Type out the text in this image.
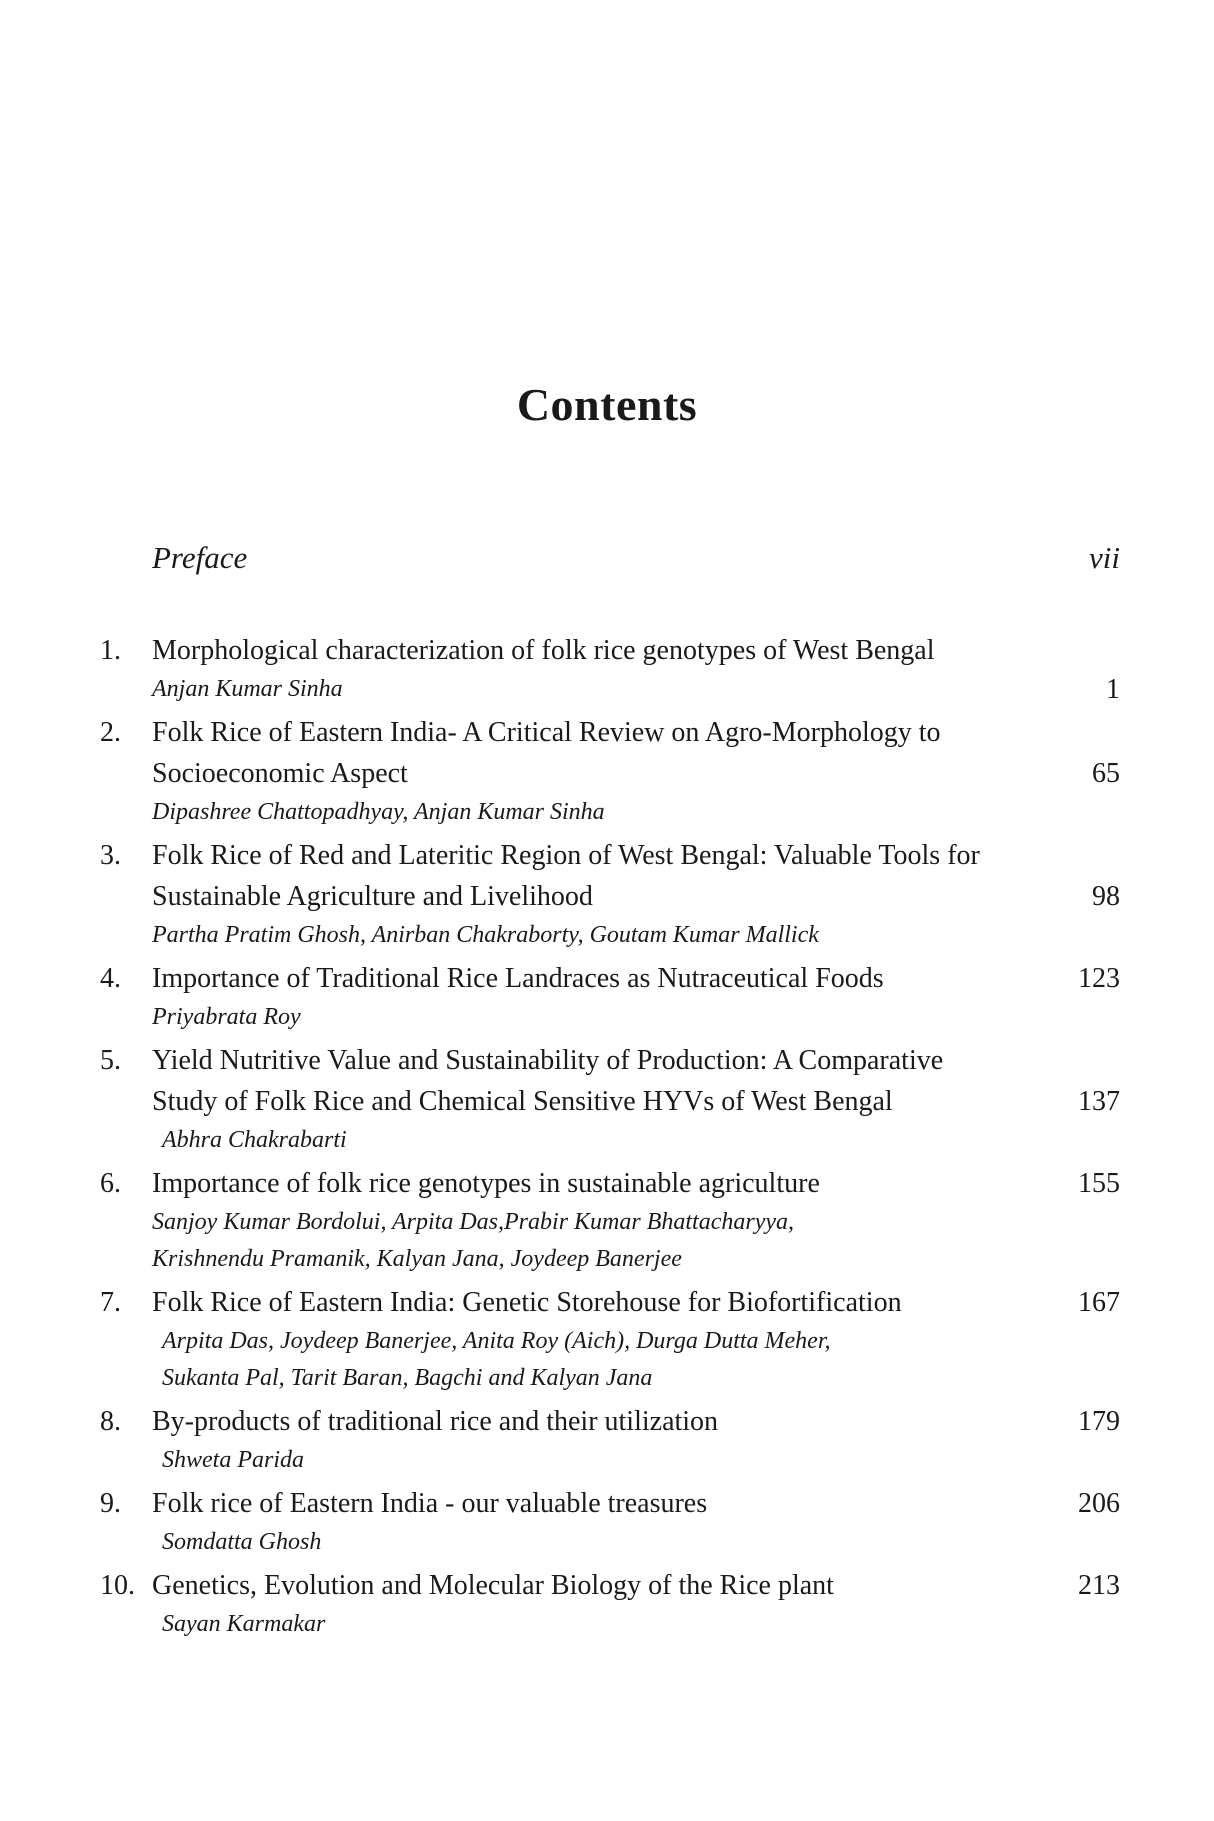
Contents
Preface	vii
1. Morphological characterization of folk rice genotypes of West Bengal
Anjan Kumar Sinha	1
2. Folk Rice of Eastern India- A Critical Review on Agro-Morphology to
Socioeconomic Aspect	65
Dipashree Chattopadhyay, Anjan Kumar Sinha
3. Folk Rice of Red and Lateritic Region of West Bengal: Valuable Tools for
Sustainable Agriculture and Livelihood	98
Partha Pratim Ghosh, Anirban Chakraborty, Goutam Kumar Mallick
4. Importance of Traditional Rice Landraces as Nutraceutical Foods	123
Priyabrata Roy
5. Yield Nutritive Value and Sustainability of Production: A Comparative
Study of Folk Rice and Chemical Sensitive HYVs of West Bengal	137
Abhra Chakrabarti
6. Importance of folk rice genotypes in sustainable agriculture	155
Sanjoy Kumar Bordolui, Arpita Das,Prabir Kumar Bhattacharyya,
Krishnendu Pramanik, Kalyan Jana, Joydeep Banerjee
7. Folk Rice of Eastern India: Genetic Storehouse for Biofortification	167
Arpita Das, Joydeep Banerjee, Anita Roy (Aich), Durga Dutta Meher,
Sukanta Pal, Tarit Baran, Bagchi and Kalyan Jana
8. By-products of traditional rice and their utilization	179
Shweta Parida
9. Folk rice of Eastern India - our valuable treasures	206
Somdatta Ghosh
10. Genetics, Evolution and Molecular Biology of the Rice plant	213
Sayan Karmakar
